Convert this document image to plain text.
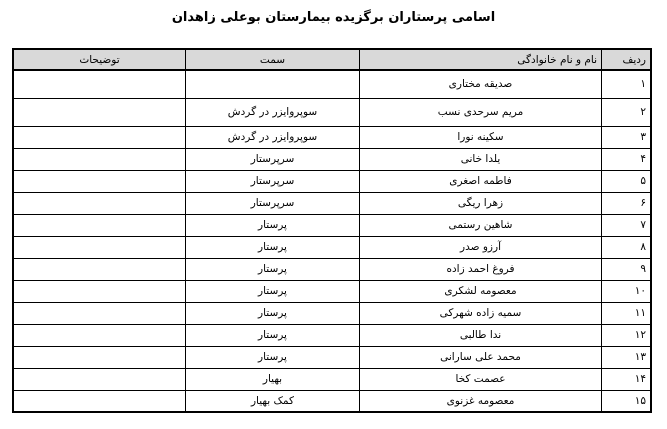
اسامی پرستاران برگزیده بیمارستان بوعلی زاهدان
ردیف	نام و نام خانوادگی	سمت	توضیحات
۱	صدیقه مختاری		
۲	مریم سرحدی نسب	سوپروایزر در گردش	
۳	سکینه نورا	سوپروایزر در گردش	
۴	یلدا خانی	سرپرستار	
۵	فاطمه اصغری	سرپرستار	
۶	زهرا ریگی	سرپرستار	
۷	شاهین رستمی	پرستار	
۸	آرزو صدر	پرستار	
۹	فروغ احمد زاده	پرستار	
۱۰	معصومه لشکری	پرستار	
۱۱	سمیه زاده شهرکی	پرستار	
۱۲	ندا طالبی	پرستار	
۱۳	محمد علی سارانی	پرستار	
۱۴	عصمت کخا	بهیار	
۱۵	معصومه غزنوی	کمک بهیار	
